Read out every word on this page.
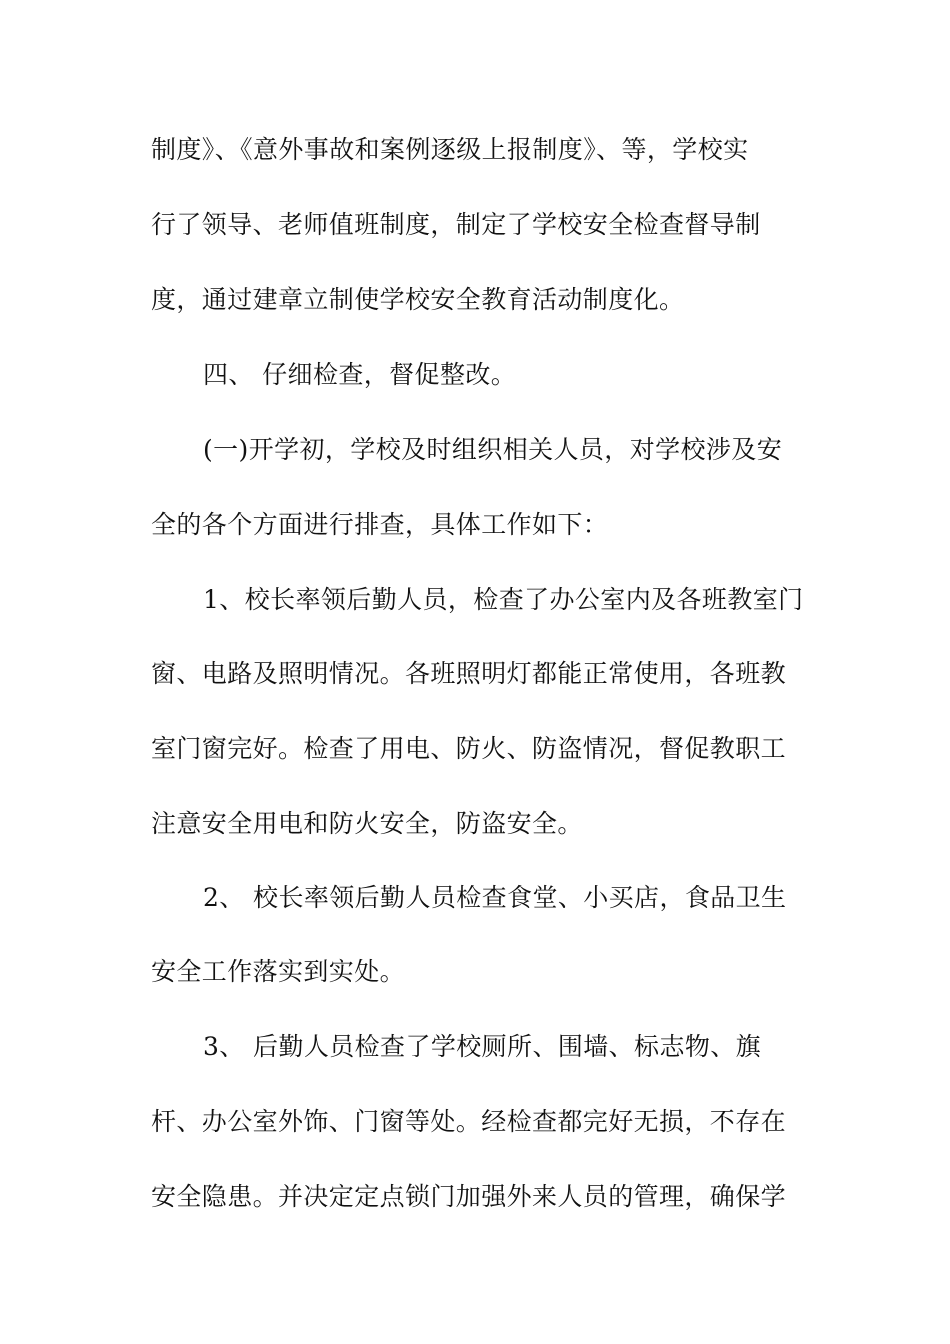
制度》、《意外事故和案例逐级上报制度》、等，学校实
行了领导、老师值班制度，制定了学校安全检查督导制
度，通过建章立制使学校安全教育活动制度化。
四、 仔细检查，督促整改。
(一)开学初，学校及时组织相关人员，对学校涉及安
全的各个方面进行排查，具体工作如下：
1、校长率领后勤人员，检查了办公室内及各班教室门
窗、电路及照明情况。各班照明灯都能正常使用，各班教
室门窗完好。检查了用电、防火、防盗情况，督促教职工
注意安全用电和防火安全，防盗安全。
2、 校长率领后勤人员检查食堂、小买店，食品卫生
安全工作落实到实处。
3、 后勤人员检查了学校厕所、围墙、标志物、旗
杆、办公室外饰、门窗等处。经检查都完好无损，不存在
安全隐患。并决定定点锁门加强外来人员的管理，确保学
